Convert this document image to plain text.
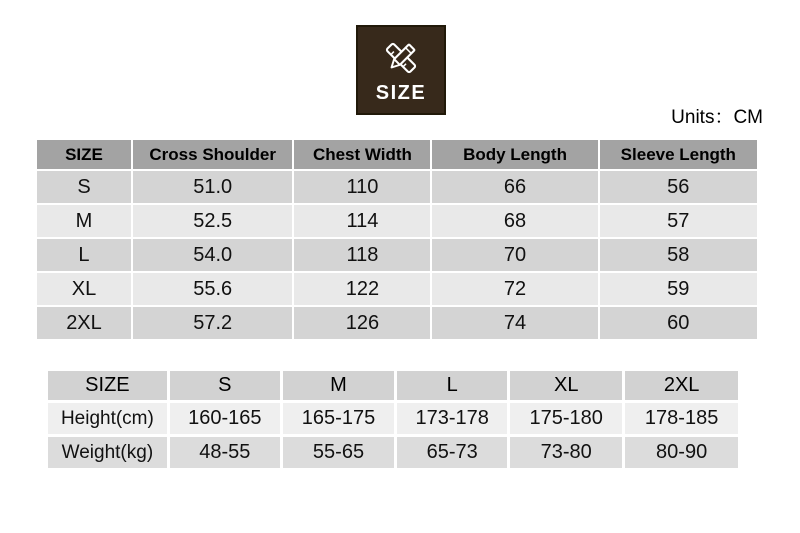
SIZE
Units：CM
SIZE	Cross Shoulder	Chest Width	Body Length	Sleeve Length
S	51.0	110	66	56
M	52.5	114	68	57
L	54.0	118	70	58
XL	55.6	122	72	59
2XL	57.2	126	74	60
SIZE	S	M	L	XL	2XL
Height(cm)	160-165	165-175	173-178	175-180	178-185
Weight(kg)	48-55	55-65	65-73	73-80	80-90
